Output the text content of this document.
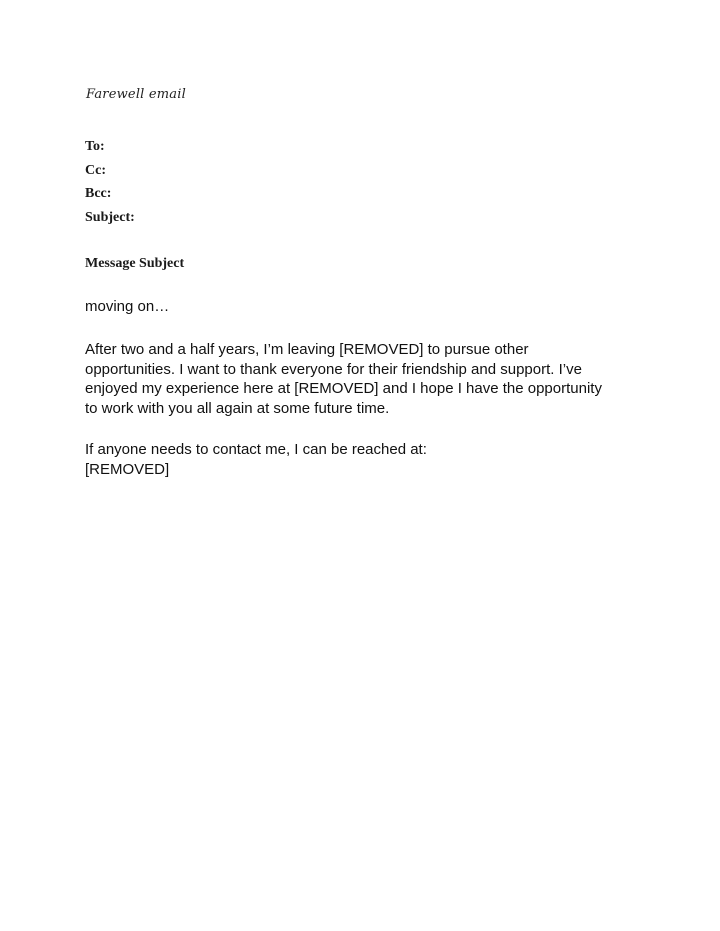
Farewell email
To:
Cc:
Bcc:
Subject:
Message Subject
moving on…
After two and a half years, I’m leaving [REMOVED] to pursue other
opportunities. I want to thank everyone for their friendship and support. I’ve
enjoyed my experience here at [REMOVED] and I hope I have the opportunity
to work with you all again at some future time.
If anyone needs to contact me, I can be reached at:
[REMOVED]
